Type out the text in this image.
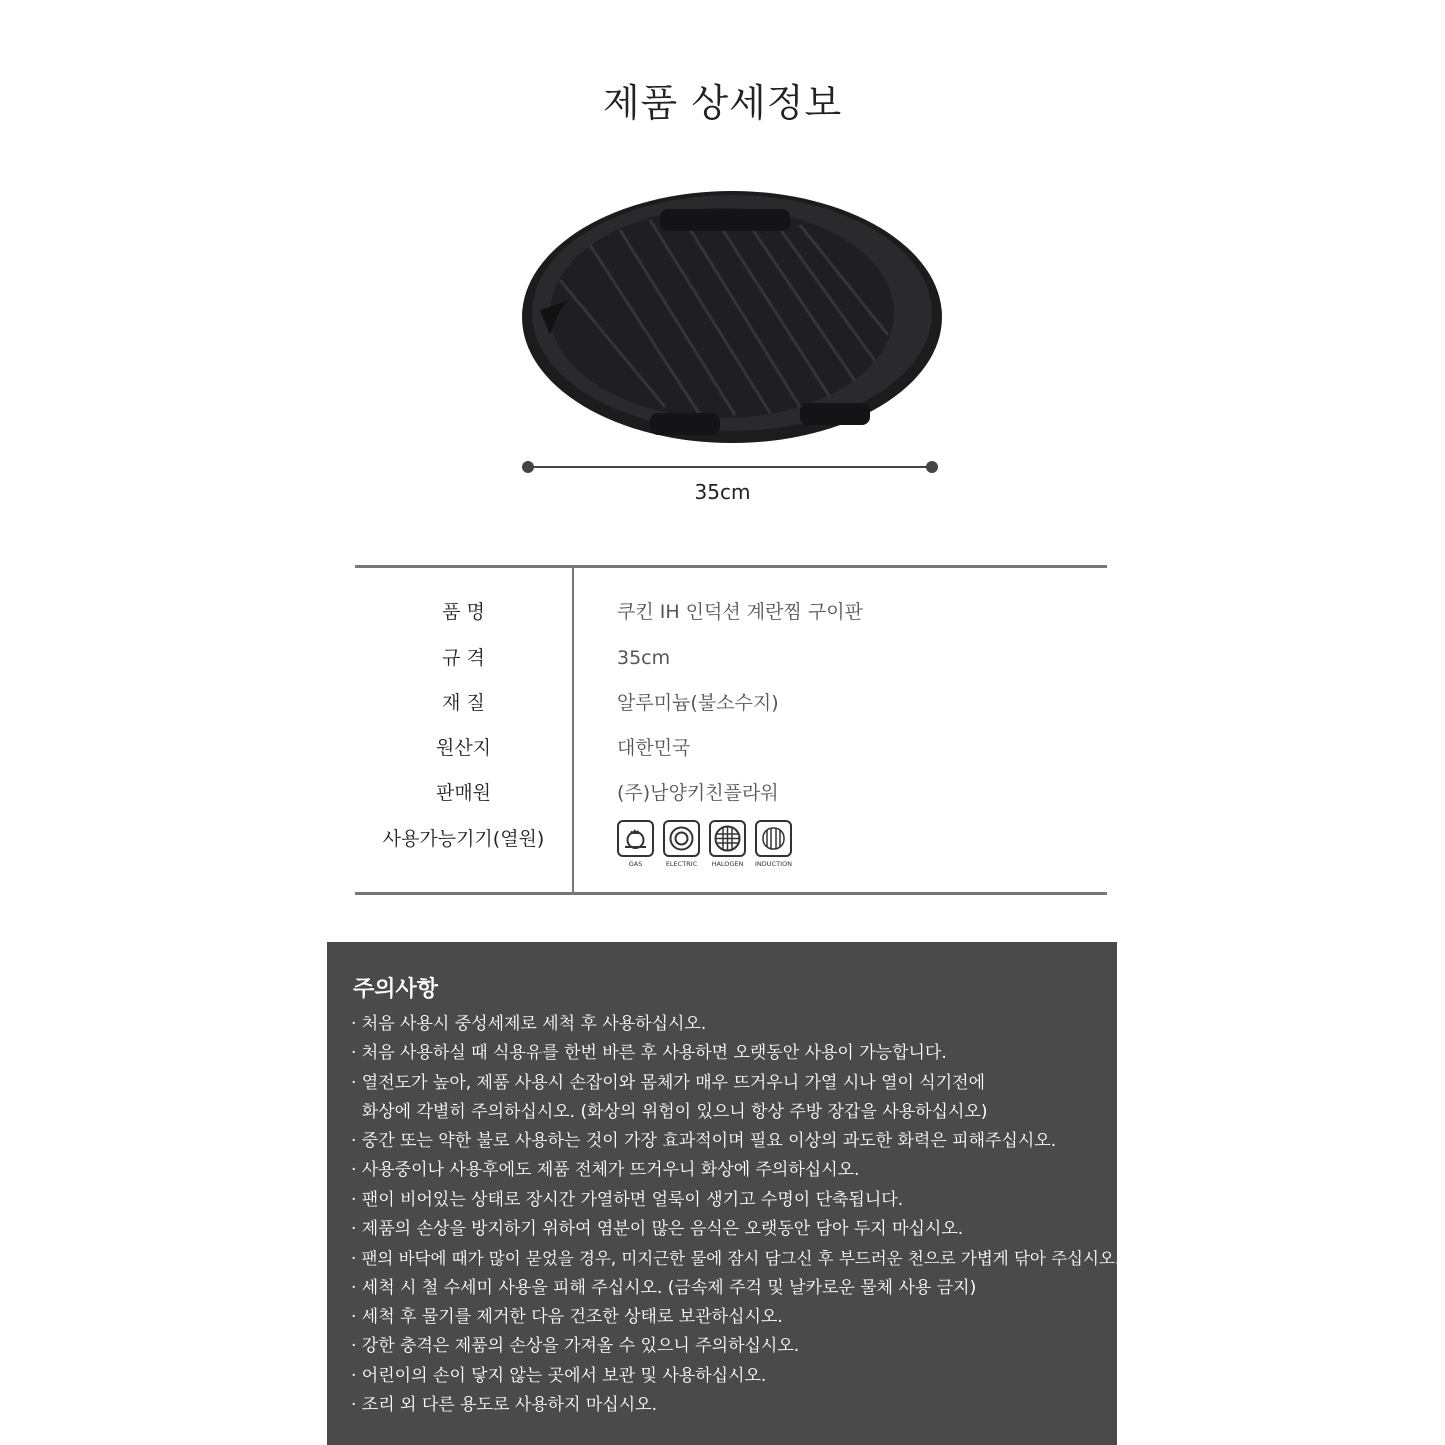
제품 상세정보
35cm
품 명	쿠킨 IH 인덕션 계란찜 구이판
규 격	35cm
재 질	알루미늄(불소수지)
원산지	대한민국
판매원	(주)남양키친플라워
사용가능기기(열원)
GAS	ELECTRIC	HALOGEN	INDUCTION
주의사항
· 처음 사용시 중성세제로 세척 후 사용하십시오.
· 처음 사용하실 때 식용유를 한번 바른 후 사용하면 오랫동안 사용이 가능합니다.
· 열전도가 높아, 제품 사용시 손잡이와 몸체가 매우 뜨거우니 가열 시나 열이 식기전에
화상에 각별히 주의하십시오. (화상의 위험이 있으니 항상 주방 장갑을 사용하십시오)
· 중간 또는 약한 불로 사용하는 것이 가장 효과적이며 필요 이상의 과도한 화력은 피해주십시오.
· 사용중이나 사용후에도 제품 전체가 뜨거우니 화상에 주의하십시오.
· 팬이 비어있는 상태로 장시간 가열하면 얼룩이 생기고 수명이 단축됩니다.
· 제품의 손상을 방지하기 위하여 염분이 많은 음식은 오랫동안 담아 두지 마십시오.
· 팬의 바닥에 때가 많이 묻었을 경우, 미지근한 물에 잠시 담그신 후 부드러운 천으로 가볍게 닦아 주십시오.
· 세척 시 철 수세미 사용을 피해 주십시오. (금속제 주걱 및 날카로운 물체 사용 금지)
· 세척 후 물기를 제거한 다음 건조한 상태로 보관하십시오.
· 강한 충격은 제품의 손상을 가져올 수 있으니 주의하십시오.
· 어린이의 손이 닿지 않는 곳에서 보관 및 사용하십시오.
· 조리 외 다른 용도로 사용하지 마십시오.
